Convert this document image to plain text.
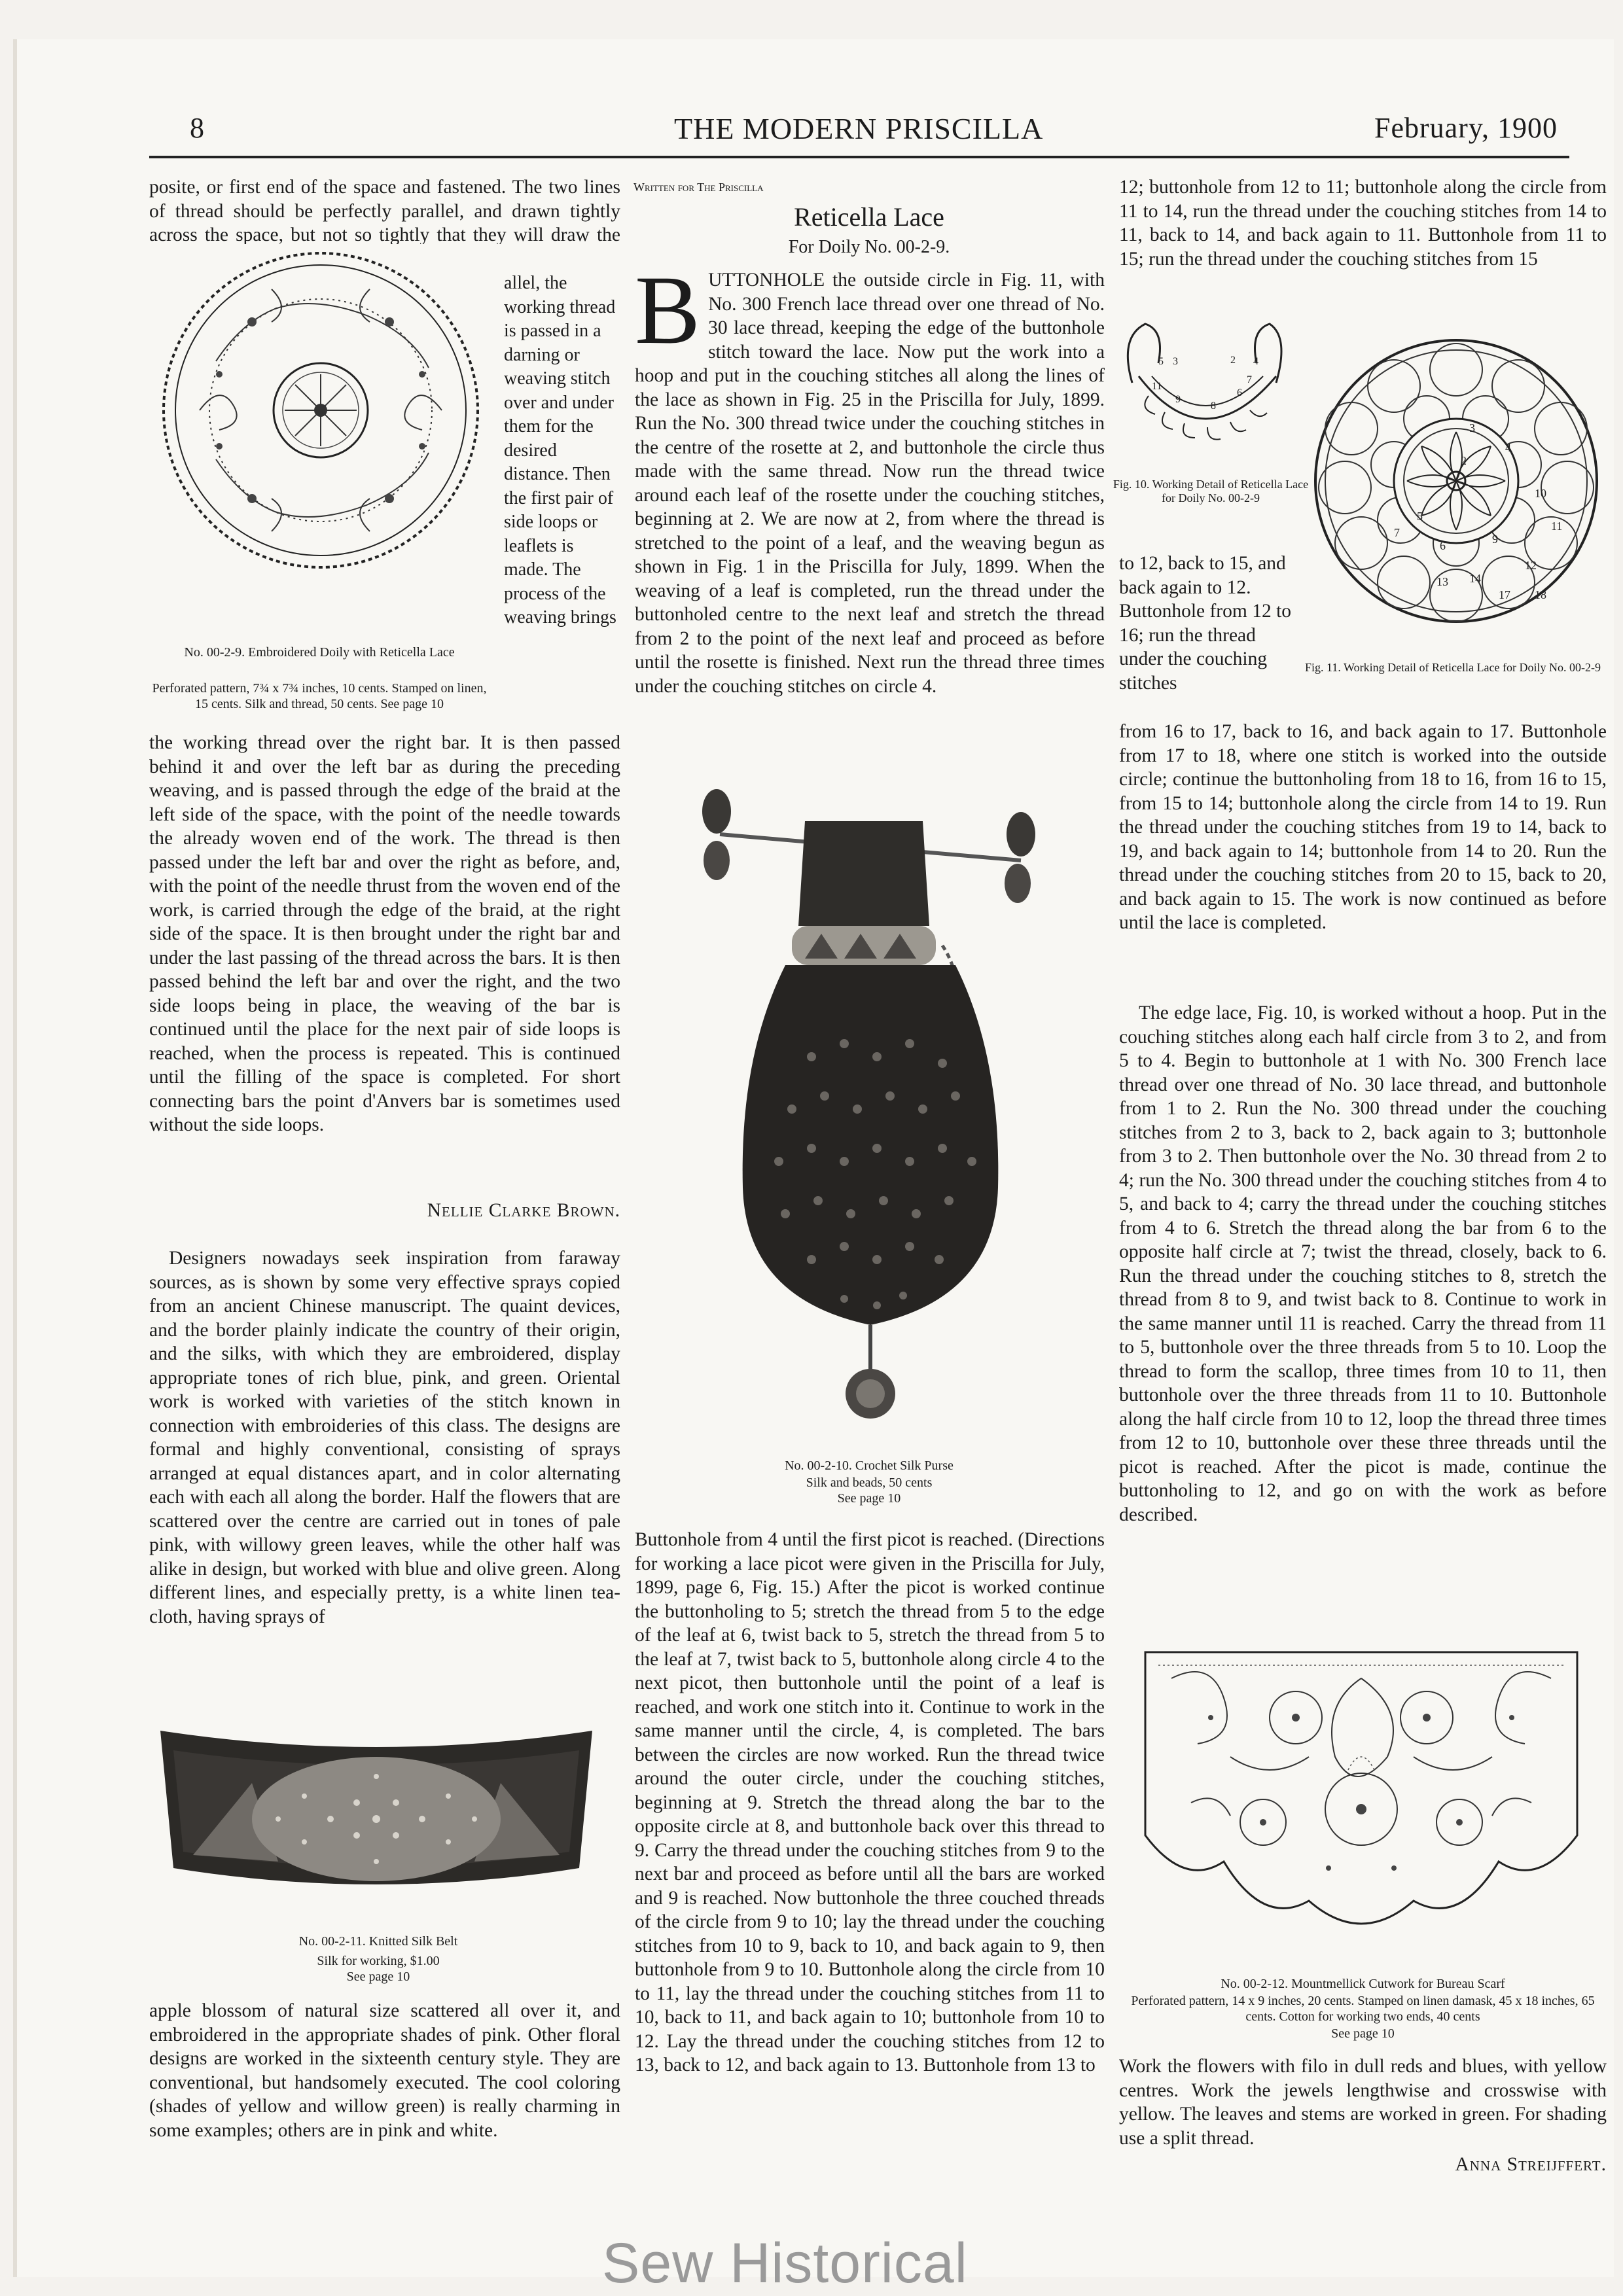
8	THE MODERN PRISCILLA	February, 1900

posite, or first end of the space and fastened. The two lines of thread should be perfectly parallel, and drawn tightly across the space, but not so tightly that they will draw the

No. 00-2-9. Embroidered Doily with Reticella Lace
Perforated pattern, 7¾ x 7¾ inches, 10 cents. Stamped on linen, 15 cents. Silk and thread, 50 cents. See page 10

allel, the working thread is passed in a darning or weaving stitch over and under them for the desired distance. Then the first pair of side loops or leaflets is made. The process of the weaving brings

the working thread over the right bar. It is then passed behind it and over the left bar as during the preceding weaving, and is passed through the edge of the braid at the left side of the space, with the point of the needle towards the already woven end of the work. The thread is then passed under the left bar and over the right as before, and, with the point of the needle thrust from the woven end of the work, is carried through the edge of the braid, at the right side of the space. It is then brought under the right bar and under the last passing of the thread across the bars. It is then passed behind the left bar and over the right, and the two side loops being in place, the weaving of the bar is continued until the place for the next pair of side loops is reached, when the process is repeated. This is continued until the filling of the space is completed. For short connecting bars the point d'Anvers bar is sometimes used without the side loops.

Nellie Clarke Brown.

Designers nowadays seek inspiration from faraway sources, as is shown by some very effective sprays copied from an ancient Chinese manuscript. The quaint devices, and the border plainly indicate the country of their origin, and the silks, with which they are embroidered, display appropriate tones of rich blue, pink, and green. Oriental work is worked with varieties of the stitch known in connection with embroideries of this class. The designs are formal and highly conventional, consisting of sprays arranged at equal distances apart, and in color alternating each with each all along the border. Half the flowers that are scattered over the centre are carried out in tones of pale pink, with willowy green leaves, while the other half was alike in design, but worked with blue and olive green. Along different lines, and especially pretty, is a white linen tea-cloth, having sprays of

No. 00-2-11. Knitted Silk Belt
Silk for working, $1.00
See page 10

apple blossom of natural size scattered all over it, and embroidered in the appropriate shades of pink. Other floral designs are worked in the sixteenth century style. They are conventional, but handsomely executed. The cool coloring (shades of yellow and willow green) is really charming in some examples; others are in pink and white.

Written for The Priscilla
Reticella Lace
For Doily No. 00-2-9.
B UTTONHOLE the outside circle in Fig. 11, with No. 300 French lace thread over one thread of No. 30 lace thread, keeping the edge of the buttonhole stitch toward the lace. Now put the work into a hoop and put in the couching stitches all along the lines of the lace as shown in Fig. 25 in the Priscilla for July, 1899. Run the No. 300 thread twice under the couching stitches in the centre of the rosette at 2, and buttonhole the circle thus made with the same thread. Now run the thread twice around each leaf of the rosette under the couching stitches, beginning at 2. We are now at 2, from where the thread is stretched to the point of a leaf, and the weaving begun as shown in Fig. 1 in the Priscilla for July, 1899. When the weaving of a leaf is completed, run the thread under the buttonholed centre to the next leaf and stretch the thread from 2 to the point of the next leaf and proceed as before until the rosette is finished. Next run the thread three times under the couching stitches on circle 4.
No. 00-2-10. Crochet Silk Purse
Silk and beads, 50 cents
See page 10

Buttonhole from 4 until the first picot is reached. (Directions for working a lace picot were given in the Priscilla for July, 1899, page 6, Fig. 15.) After the picot is worked continue the buttonholing to 5; stretch the thread from 5 to the edge of the leaf at 6, twist back to 5, stretch the thread from 5 to the leaf at 7, twist back to 5, buttonhole along circle 4 to the next picot, then buttonhole until the point of a leaf is reached, and work one stitch into it. Continue to work in the same manner until the circle, 4, is completed. The bars between the circles are now worked. Run the thread twice around the outer circle, under the couching stitches, beginning at 9. Stretch the thread along the bar to the opposite circle at 8, and buttonhole back over this thread to 9. Carry the thread under the couching stitches from 9 to the next bar and proceed as before until all the bars are worked and 9 is reached. Now buttonhole the three couched threads of the circle from 9 to 10; lay the thread under the couching stitches from 10 to 9, back to 10, and back again to 9, then buttonhole from 9 to 10. Buttonhole along the circle from 10 to 11, lay the thread under the couching stitches from 11 to 10, back to 11, and back again to 10; buttonhole from 10 to 12. Lay the thread under the couching stitches from 12 to 13, back to 12, and back again to 13. Buttonhole from 13 to

12; buttonhole from 12 to 11; buttonhole along the circle from 11 to 14, run the thread under the couching stitches from 14 to 11, back to 14, and back again to 11. Buttonhole from 11 to 15; run the thread under the couching stitches from 15

5 3	2 4
11
9
8
6
7
Fig. 10. Working Detail of Reticella Lace for Doily No. 00-2-9
2
3
4
5
6
7	9
10
11
12
14
13
17 18
Fig. 11. Working Detail of Reticella Lace for Doily No. 00-2-9

to 12, back to 15, and back again to 12. Buttonhole from 12 to 16; run the thread under the couching stitches

from 16 to 17, back to 16, and back again to 17. Buttonhole from 17 to 18, where one stitch is worked into the outside circle; continue the buttonholing from 18 to 16, from 16 to 15, from 15 to 14; buttonhole along the circle from 14 to 19. Run the thread under the couching stitches from 19 to 14, back to 19, and back again to 14; buttonhole from 14 to 20. Run the thread under the couching stitches from 20 to 15, back to 20, and back again to 15. The work is now continued as before until the lace is completed.

The edge lace, Fig. 10, is worked without a hoop. Put in the couching stitches along each half circle from 3 to 2, and from 5 to 4. Begin to buttonhole at 1 with No. 300 French lace thread over one thread of No. 30 lace thread, and buttonhole from 1 to 2. Run the No. 300 thread under the couching stitches from 2 to 3, back to 2, back again to 3; buttonhole from 3 to 2. Then buttonhole over the No. 30 thread from 2 to 4; run the No. 300 thread under the couching stitches from 4 to 5, and back to 4; carry the thread under the couching stitches from 4 to 6. Stretch the thread along the bar from 6 to the opposite half circle at 7; twist the thread, closely, back to 6. Run the thread under the couching stitches to 8, stretch the thread from 8 to 9, and twist back to 8. Continue to work in the same manner until 11 is reached. Carry the thread from 11 to 5, buttonhole over the three threads from 5 to 10. Loop the thread to form the scallop, three times from 10 to 11, then buttonhole over the three threads from 11 to 10. Buttonhole along the half circle from 10 to 12, loop the thread three times from 12 to 10, buttonhole over these three threads until the picot is reached. After the picot is made, continue the buttonholing to 12, and go on with the work as before described.

No. 00-2-12. Mountmellick Cutwork for Bureau Scarf
Perforated pattern, 14 x 9 inches, 20 cents. Stamped on linen damask, 45 x 18 inches, 65 cents. Cotton for working two ends, 40 cents
See page 10

Work the flowers with filo in dull reds and blues, with yellow centres. Work the jewels lengthwise and crosswise with yellow. The leaves and stems are worked in green. For shading use a split thread.

Anna Streijffert.
Sew Historical
